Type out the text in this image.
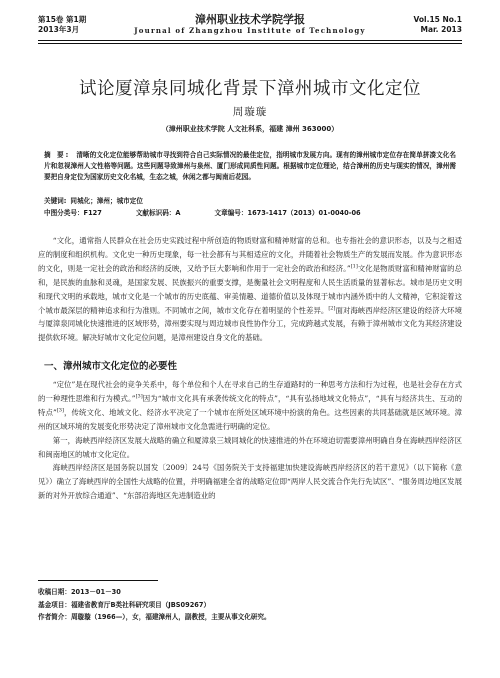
第15卷 第1期
2013年3月
漳州职业技术学院学报
Journal of Zhangzhou Institute of Technology
Vol.15 No.1
Mar. 2013
试论厦漳泉同城化背景下漳州城市文化定位
周璇璇
（漳州职业技术学院 人文社科系，福建 漳州 363000）
摘 要: 清晰的文化定位能够帮助城市寻找到符合自己实际情况的最佳定位，指明城市发展方向。现有的漳州城市定位存在简单拼凑文化名片和忽视漳州人文性格等问题。这些问题导致漳州与泉州、厦门形成同质性问题。根据城市定位理论，结合漳州的历史与现实的情况，漳州需要把自身定位为国家历史文化名城，生态之城，休闲之都与闽南后花园。
关键词: 同城化；漳州；城市定位
中图分类号：F127	文献标识码：A	文章编号：1673-1417（2013）01-0040-06

“文化，通常指人民群众在社会历史实践过程中所创造的物质财富和精神财富的总和。也专指社会的意识形态，以及与之相适应的制度和组织机构。文化史一种历史现象，每一社会都有与其相适应的文化，并随着社会物质生产的发展而发展。作为意识形态的文化，则是一定社会的政治和经济的反映，又给予巨大影响和作用于一定社会的政治和经济。”[1]文化是物质财富和精神财富的总和，是民族的血脉和灵魂，是国家发展、民族振兴的重要支撑，是衡量社会文明程度和人民生活质量的显著标志。城市是历史文明和现代文明的承载地，城市文化是一个城市的历史底蕴、审美情趣、道德价值以及体现于城市内涵外质中的人文精神，它积淀着这个城市最深层的精神追求和行为准则。不同城市之间，城市文化存在着明显的个性差异。[2]面对海峡西岸经济区建设的经济大环境与厦漳泉同城化快速推进的区域形势，漳州要实现与周边城市良性协作分工，完成跨越式发展，有赖于漳州城市文化为其经济建设提供软环境。解决好城市文化定位问题，是漳州建设自身文化的基础。

一、漳州城市文化定位的必要性

“定位”是在现代社会的竞争关系中，每个单位和个人在寻求自己的生存道路时的一种思考方法和行为过程，也是社会存在方式的一种理性思维和行为模式。”[3]因为“城市文化具有承袭传统文化的特点”，“具有弘扬地域文化特点”，“具有与经济共生、互动的特点”[3]，传统文化、地域文化、经济水平决定了一个城市在所处区域环境中扮演的角色。这些因素的共同基础就是区域环境。漳州的区域环境的发展变化形势决定了漳州城市文化急需进行明确的定位。

第一，海峡西岸经济区发展大战略的确立和厦漳泉三城同城化的快速推进的外在环境迫切需要漳州明确自身在海峡西岸经济区和闽南地区的城市文化定位。

海峡西岸经济区是国务院以国发〔2009〕24号《国务院关于支持福建加快建设海峡西岸经济区的若干意见》（以下简称《意见》）确立了海峡西岸的全国性大战略的位置，并明确福建全省的战略定位即“两岸人民交流合作先行先试区”、“服务周边地区发展新的对外开放综合通道”、“东部沿海地区先进制造业的

收稿日期：2013－01－30
基金项目：福建省教育厅B类社科研究项目（JBS09267）
作者简介：周璇璇（1966—），女，福建漳州人，副教授，主要从事文化研究。
